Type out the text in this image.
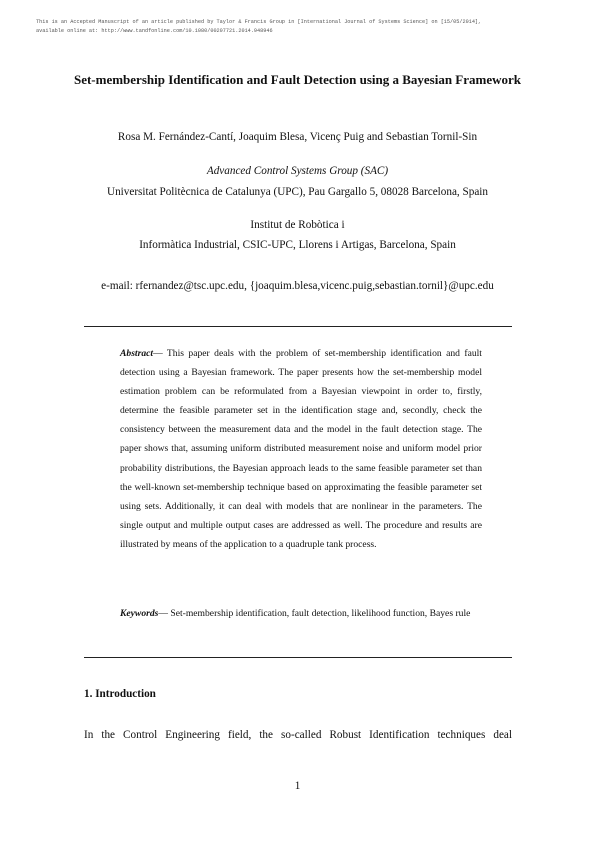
This is an Accepted Manuscript of an article published by Taylor & Francis Group in [International Journal of Systems Science] on [15/05/2014],
available online at: http://www.tandfonline.com/10.1080/00207721.2014.948946
Set-membership Identification and Fault Detection using a Bayesian Framework
Rosa M. Fernández-Cantí, Joaquim Blesa, Vicenç Puig and Sebastian Tornil-Sin
Advanced Control Systems Group (SAC)
Universitat Politècnica de Catalunya (UPC), Pau Gargallo 5, 08028 Barcelona, Spain
Institut de Robòtica i
Informàtica Industrial, CSIC-UPC, Llorens i Artigas, Barcelona, Spain
e-mail: rfernandez@tsc.upc.edu, {joaquim.blesa,vicenc.puig,sebastian.tornil}@upc.edu
Abstract— This paper deals with the problem of set-membership identification and fault detection using a Bayesian framework. The paper presents how the set-membership model estimation problem can be reformulated from a Bayesian viewpoint in order to, firstly, determine the feasible parameter set in the identification stage and, secondly, check the consistency between the measurement data and the model in the fault detection stage. The paper shows that, assuming uniform distributed measurement noise and uniform model prior probability distributions, the Bayesian approach leads to the same feasible parameter set than the well-known set-membership technique based on approximating the feasible parameter set using sets. Additionally, it can deal with models that are nonlinear in the parameters. The single output and multiple output cases are addressed as well. The procedure and results are illustrated by means of the application to a quadruple tank process.
Keywords— Set-membership identification, fault detection, likelihood function, Bayes rule
1. Introduction
In the Control Engineering field, the so-called Robust Identification techniques deal
1
